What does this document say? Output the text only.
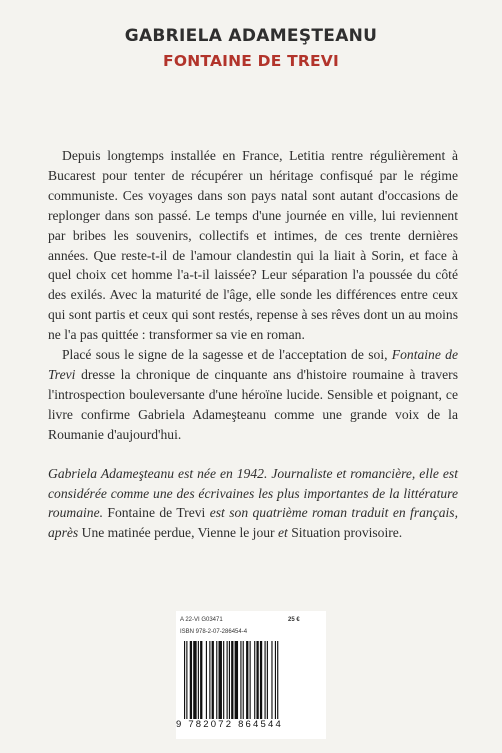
GABRIELA ADAMEŞTEANU
FONTAINE DE TREVI

Depuis longtemps installée en France, Letitia rentre régulièrement à Bucarest pour tenter de récupérer un héritage confisqué par le régime communiste. Ces voyages dans son pays natal sont autant d'occasions de replonger dans son passé. Le temps d'une journée en ville, lui reviennent par bribes les souvenirs, collectifs et intimes, de ces trente dernières années. Que reste-t-il de l'amour clandestin qui la liait à Sorin, et face à quel choix cet homme l'a-t-il laissée? Leur séparation l'a poussée du côté des exilés. Avec la maturité de l'âge, elle sonde les différences entre ceux qui sont partis et ceux qui sont restés, repense à ses rêves dont un au moins ne l'a pas quittée : transformer sa vie en roman.

Placé sous le signe de la sagesse et de l'acceptation de soi, Fontaine de Trevi dresse la chronique de cinquante ans d'histoire roumaine à travers l'introspection bouleversante d'une héroïne lucide. Sensible et poignant, ce livre confirme Gabriela Adameşteanu comme une grande voix de la Roumanie d'aujourd'hui.

Gabriela Adameşteanu est née en 1942. Journaliste et romancière, elle est considérée comme une des écrivaines les plus importantes de la littérature roumaine. Fontaine de Trevi est son quatrième roman traduit en français, après Une matinée perdue, Vienne le jour et Situation provisoire.

A 22-VI G03471	25 €
ISBN 978-2-07-286454-4
9 782072 864544
